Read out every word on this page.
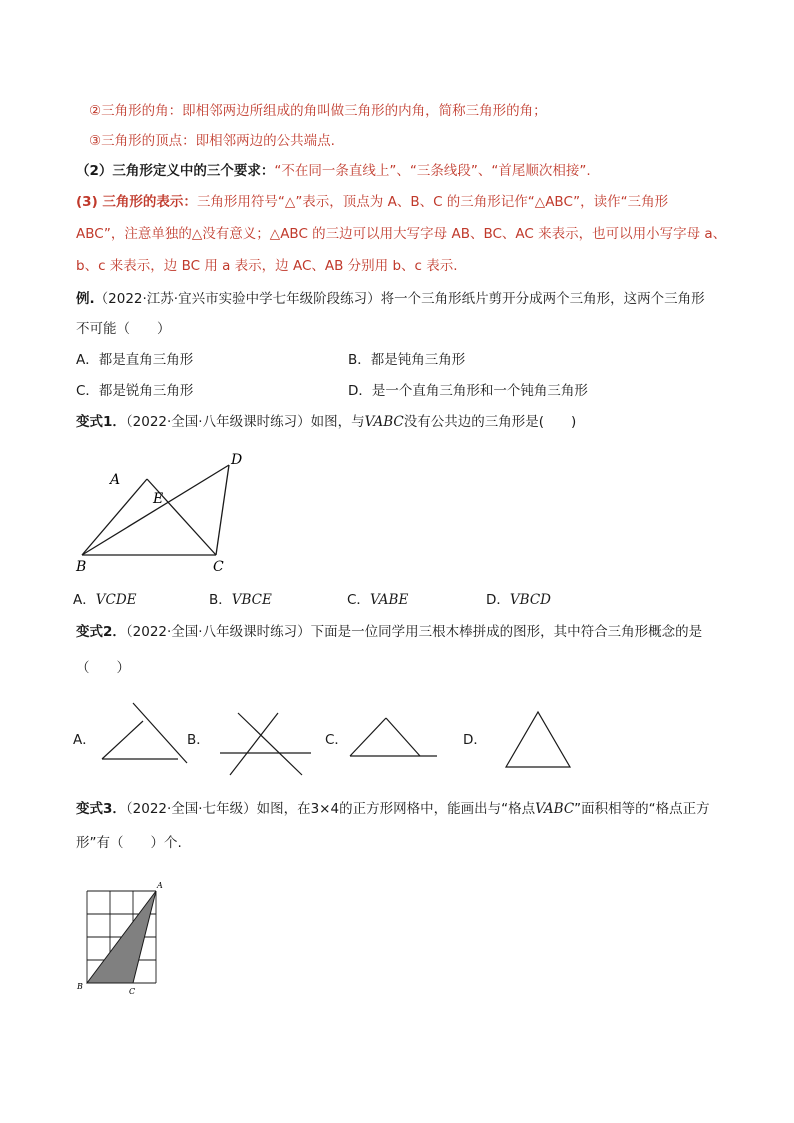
②三角形的角：即相邻两边所组成的角叫做三角形的内角，简称三角形的角；
③三角形的顶点：即相邻两边的公共端点.
（2）三角形定义中的三个要求：“不在同一条直线上”、“三条线段”、“首尾顺次相接”.
(3) 三角形的表示：三角形用符号“△”表示，顶点为 A、B、C 的三角形记作“△ABC”，读作“三角形
ABC”，注意单独的△没有意义；△ABC 的三边可以用大写字母 AB、BC、AC 来表示，也可以用小写字母 a、
b、c 来表示，边 BC 用 a 表示，边 AC、AB 分别用 b、c 表示.
例.（2022·江苏·宜兴市实验中学七年级阶段练习）将一个三角形纸片剪开分成两个三角形，这两个三角形
不可能（　　）
A．都是直角三角形	B．都是钝角三角形
C．都是锐角三角形	D．是一个直角三角形和一个钝角三角形
变式1．（2022·全国·八年级课时练习）如图，与VABC没有公共边的三角形是(　　)
A
B	C
D
E
A．VCDE	B．VBCE	C．VABE	D．VBCD
变式2．（2022·全国·八年级课时练习）下面是一位同学用三根木棒拼成的图形，其中符合三角形概念的是
（　　）
A．	B．	C．	D．
变式3．（2022·全国·七年级）如图，在3×4的正方形网格中，能画出与“格点VABC”面积相等的“格点正方
形”有（　　）个.
A
B
C
